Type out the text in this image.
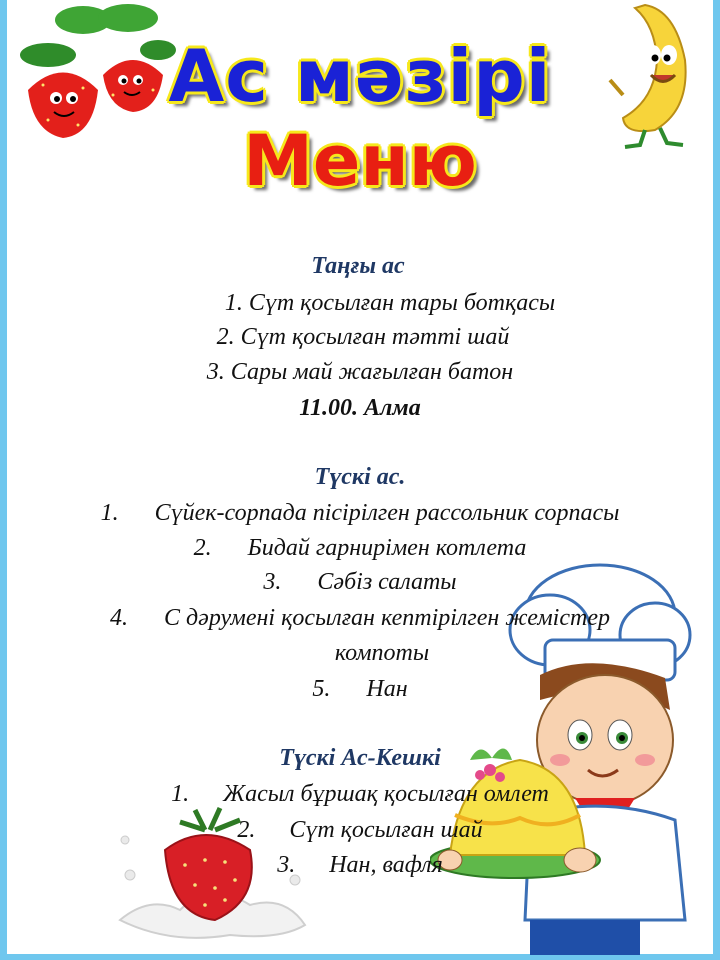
Ас мәзірі
Меню
Таңғы ас
1. Сүт қосылған тары ботқасы
2. Сүт қосылған тәтті шай
3. Сары май жағылған батон
11.00. Алма
Түскі ас.
1. Сүйек-сорпада пісірілген рассольник сорпасы
2. Бидай гарнирімен котлета
3. Сәбіз салаты
4. С дәрумені қосылған кептірілген жемістер
компоты
5. Нан
Түскі Ас-Кешкі
1. Жасыл бұршақ қосылған омлет
2. Сүт қосылған шай
3. Нан, вафля
